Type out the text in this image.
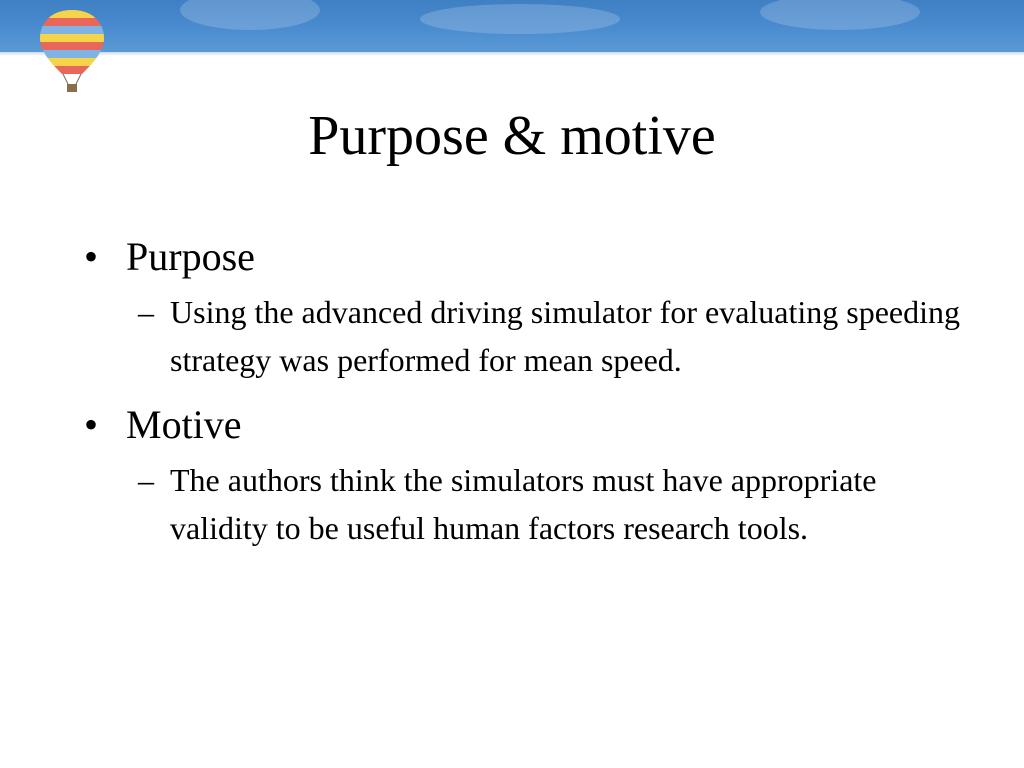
Purpose & motive
• Purpose
– Using the advanced driving simulator for evaluating speeding strategy was performed for mean speed.
• Motive
– The authors think the simulators must have appropriate validity to be useful human factors research tools.
